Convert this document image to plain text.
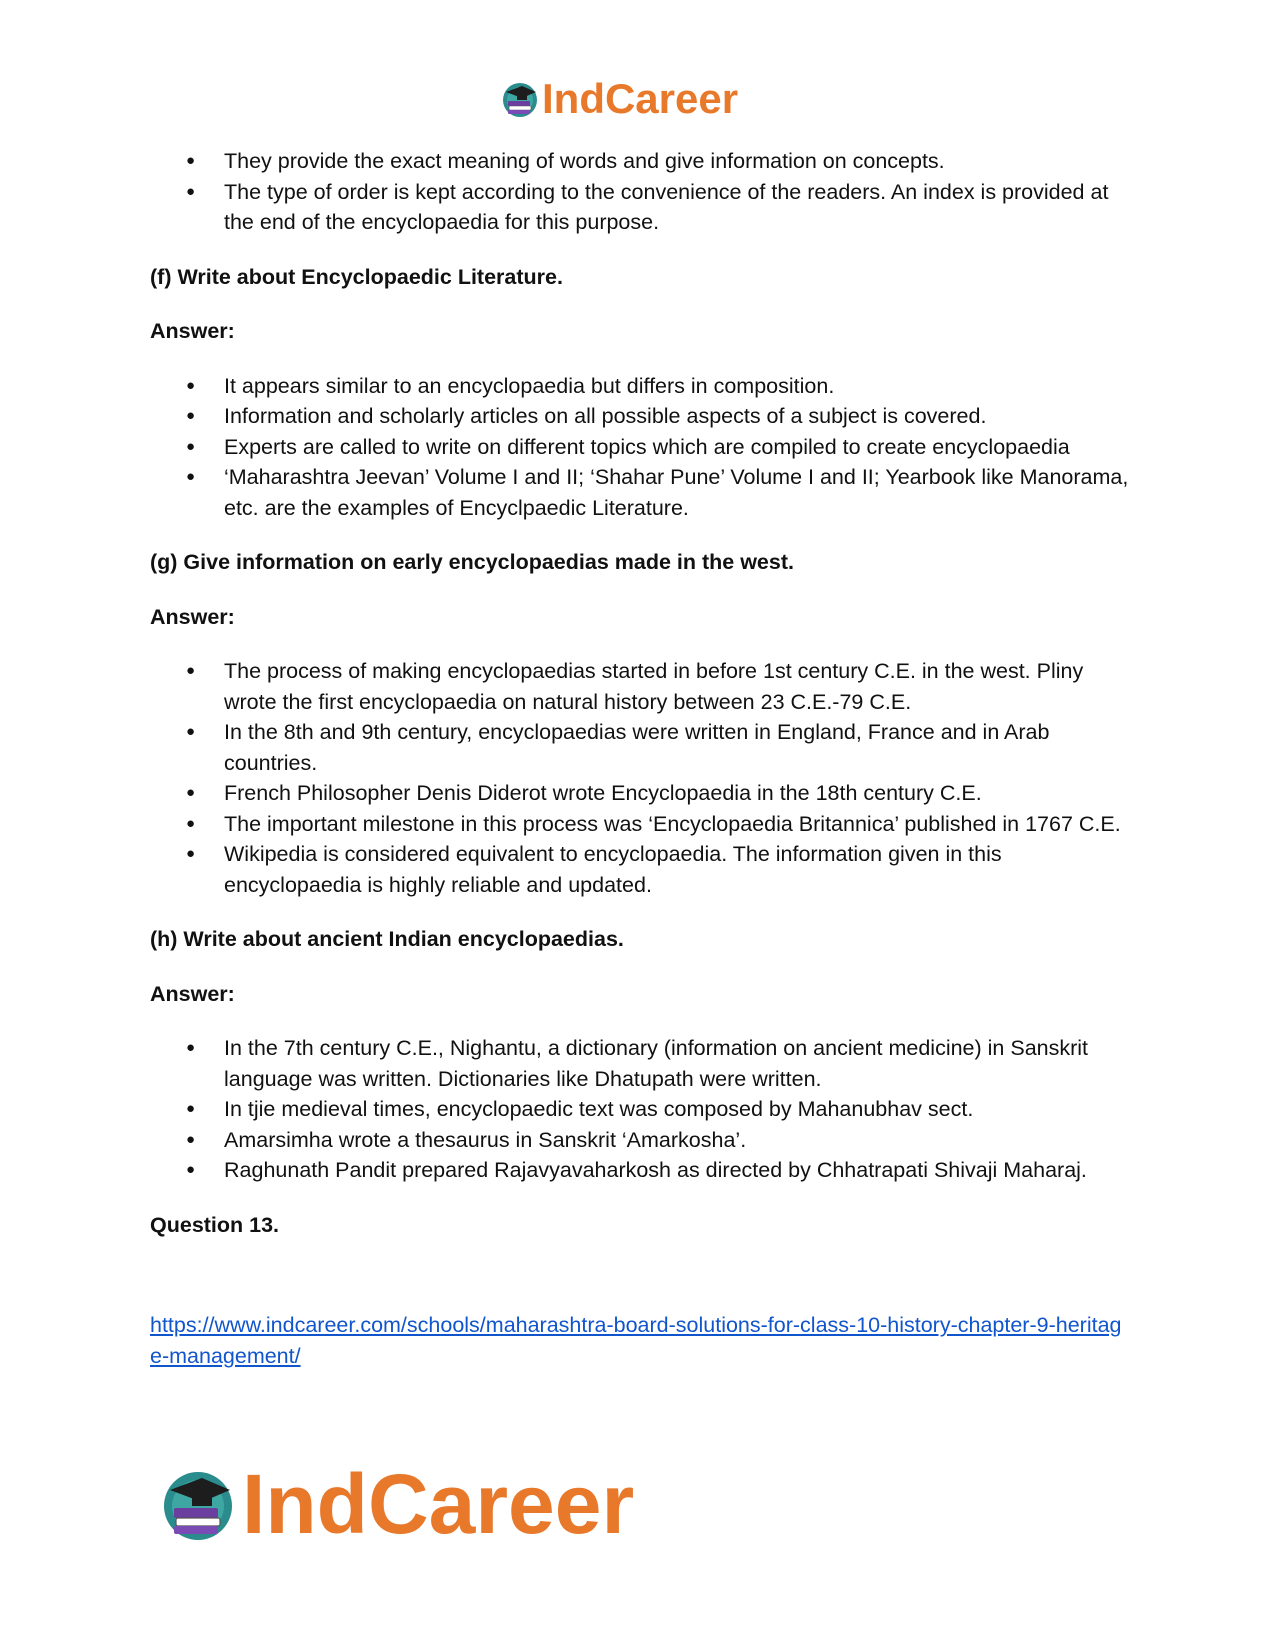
IndCareer
● They provide the exact meaning of words and give information on concepts.
● The type of order is kept according to the convenience of the readers. An index is provided at the end of the encyclopaedia for this purpose.

(f) Write about Encyclopaedic Literature.

Answer:

● It appears similar to an encyclopaedia but differs in composition.
● Information and scholarly articles on all possible aspects of a subject is covered.
● Experts are called to write on different topics which are compiled to create encyclopaedia
● ‘Maharashtra Jeevan’ Volume I and II; ‘Shahar Pune’ Volume I and II; Yearbook like Manorama, etc. are the examples of Encyclpaedic Literature.

(g) Give information on early encyclopaedias made in the west.

Answer:

● The process of making encyclopaedias started in before 1st century C.E. in the west. Pliny wrote the first encyclopaedia on natural history between 23 C.E.-79 C.E.
● In the 8th and 9th century, encyclopaedias were written in England, France and in Arab countries.
● French Philosopher Denis Diderot wrote Encyclopaedia in the 18th century C.E.
● The important milestone in this process was ‘Encyclopaedia Britannica’ published in 1767 C.E.
● Wikipedia is considered equivalent to encyclopaedia. The information given in this encyclopaedia is highly reliable and updated.

(h) Write about ancient Indian encyclopaedias.

Answer:

● In the 7th century C.E., Nighantu, a dictionary (information on ancient medicine) in Sanskrit language was written. Dictionaries like Dhatupath were written.
● In tjie medieval times, encyclopaedic text was composed by Mahanubhav sect.
● Amarsimha wrote a thesaurus in Sanskrit ‘Amarkosha’.
● Raghunath Pandit prepared Rajavyavaharkosh as directed by Chhatrapati Shivaji Maharaj.

Question 13.

https://www.indcareer.com/schools/maharashtra-board-solutions-for-class-10-history-chapter-9-heritage-management/
IndCareer
